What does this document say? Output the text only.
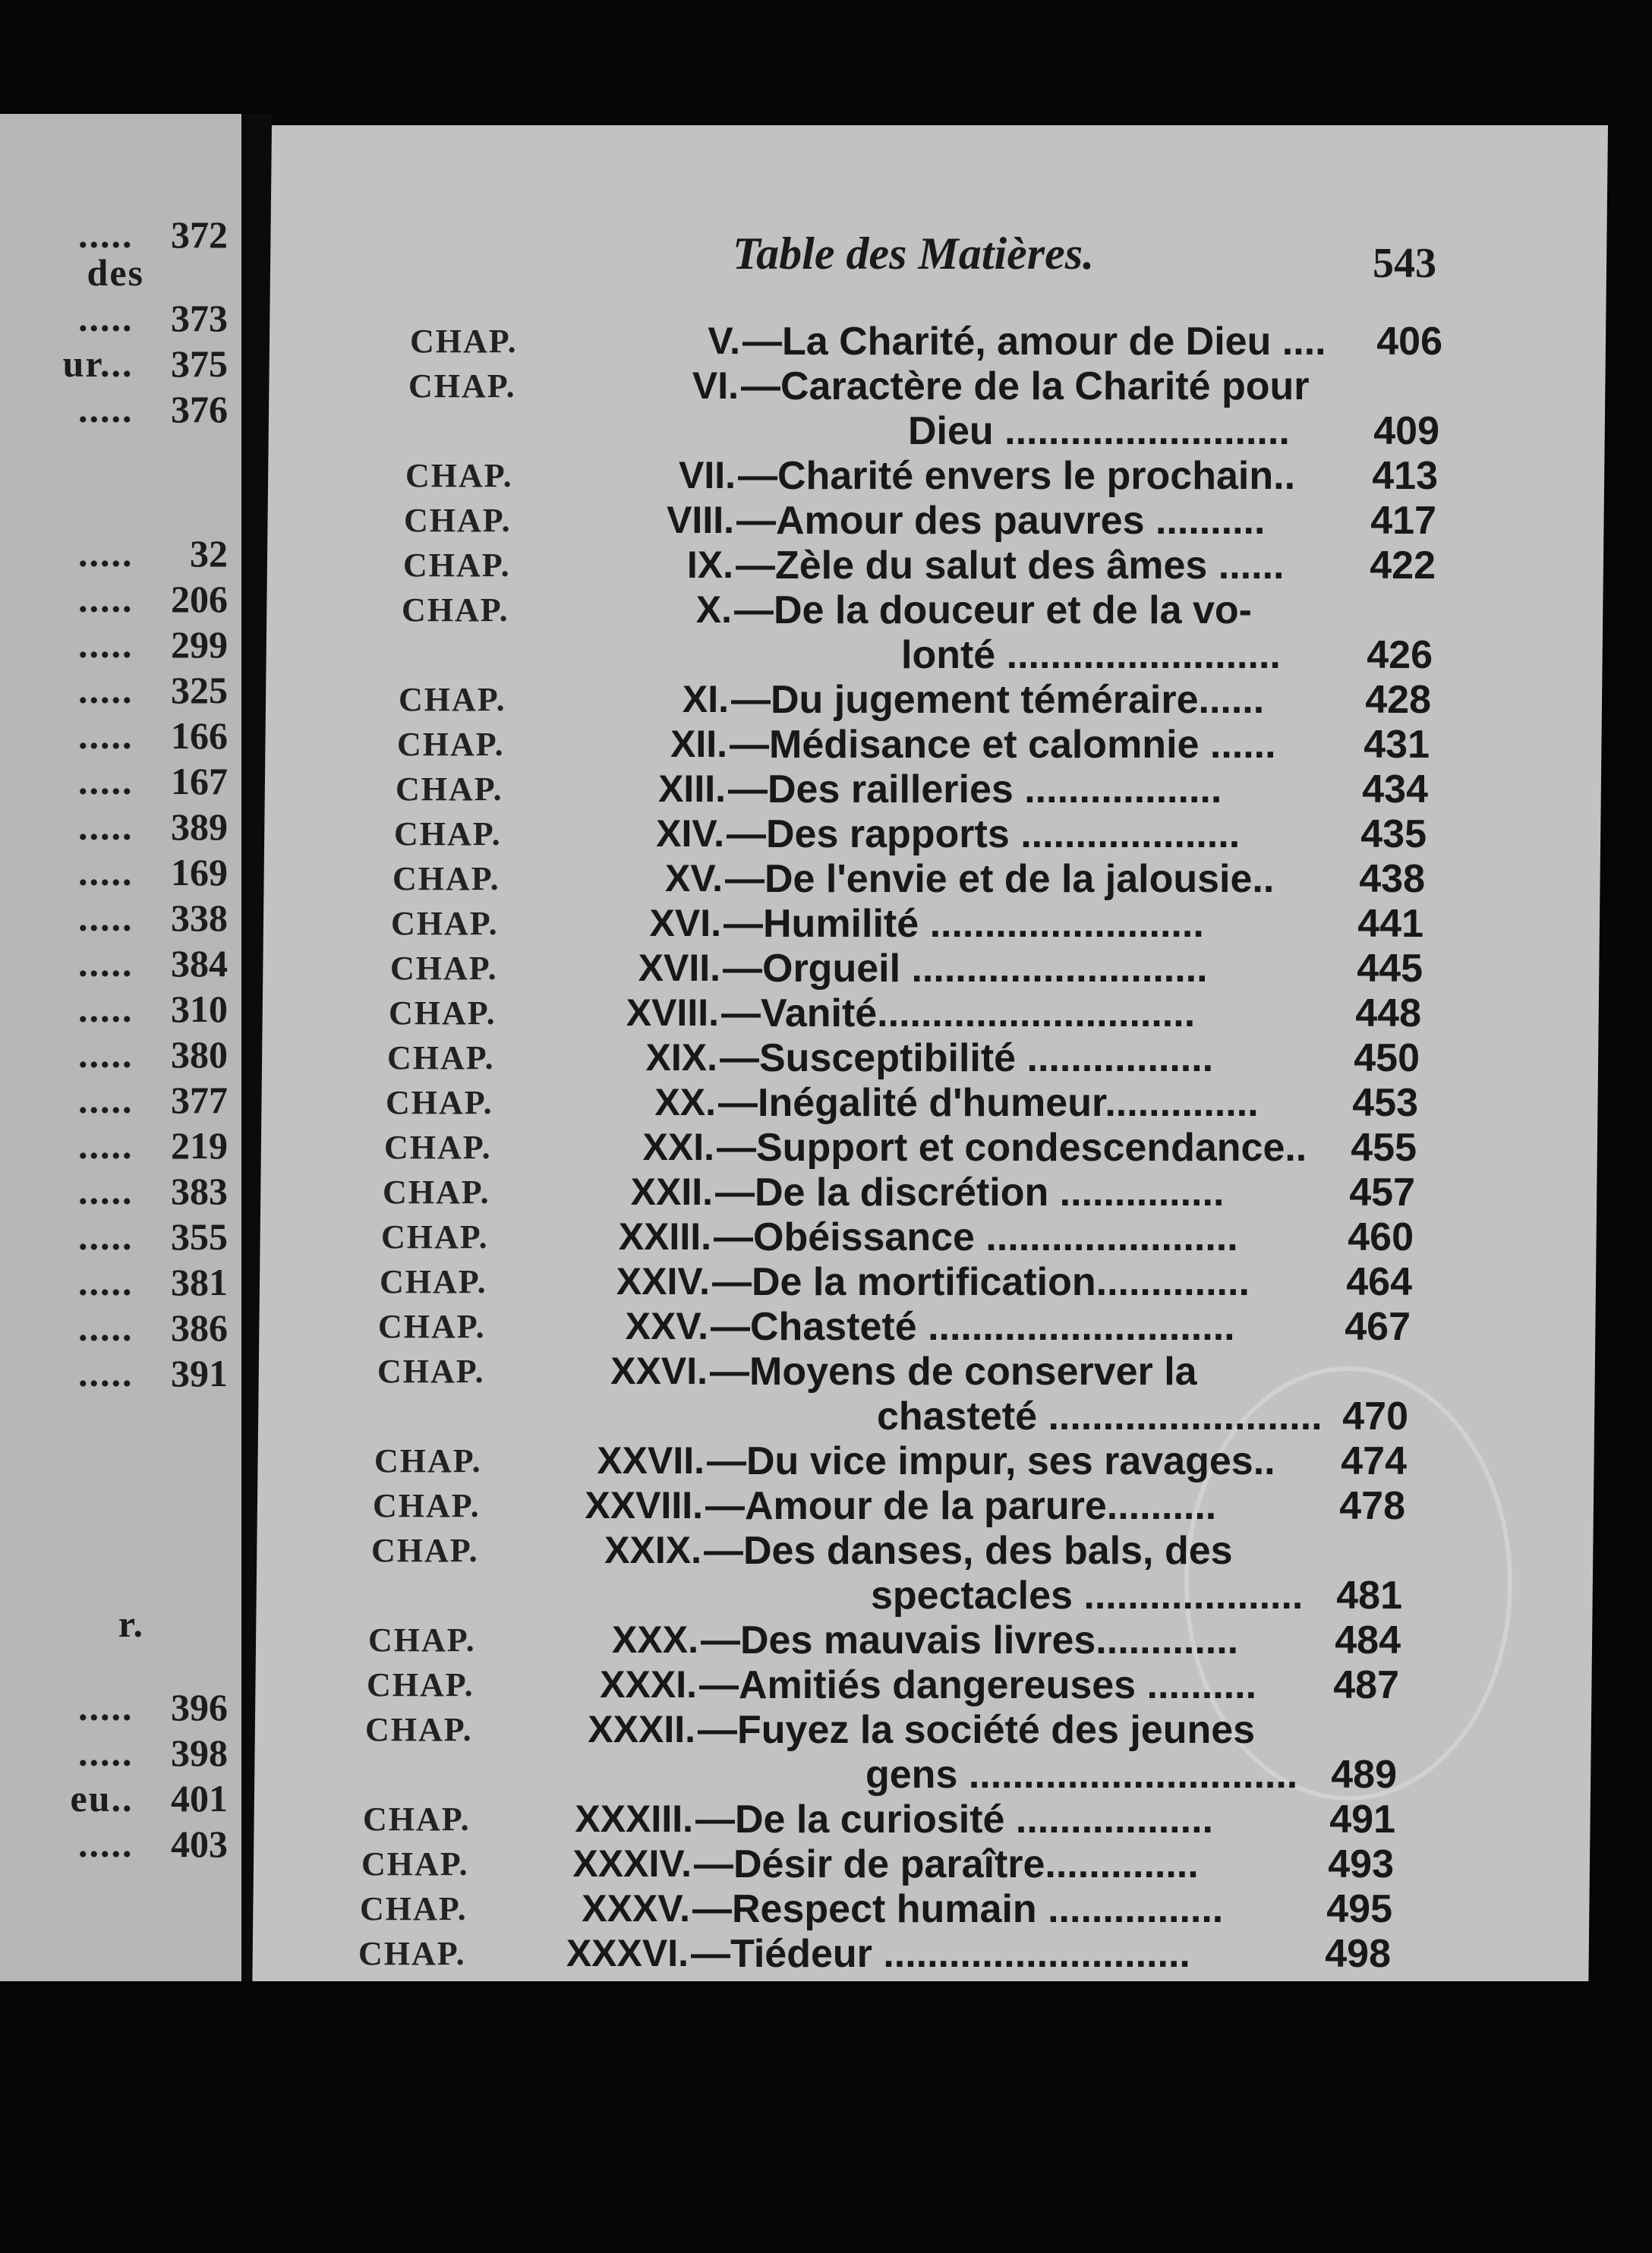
..... 372
des
..... 373
ur... 375
..... 376
..... 32
..... 206
..... 299
..... 325
..... 166
..... 167
..... 389
..... 169
..... 338
..... 384
..... 310
..... 380
..... 377
..... 219
..... 383
..... 355
..... 381
..... 386
..... 391
r.
..... 396
..... 398
eu.. 401
..... 403
Table des Matières.	543
CHAP.	V. —La Charité, amour de Dieu ....	406
CHAP.	VI. —Caractère de la Charité pour
Dieu ..........................	409
CHAP.	VII. —Charité envers le prochain..	413
CHAP.	VIII. —Amour des pauvres ..........	417
CHAP.	IX. —Zèle du salut des âmes ......	422
CHAP.	X. —De la douceur et de la vo-
lonté .........................	426
CHAP.	XI. —Du jugement téméraire......	428
CHAP.	XII. —Médisance et calomnie ......	431
CHAP.	XIII. —Des railleries ..................	434
CHAP.	XIV. —Des rapports ....................	435
CHAP.	XV. —De l'envie et de la jalousie..	438
CHAP.	XVI. —Humilité .........................	441
CHAP.	XVII. —Orgueil ...........................	445
CHAP.	XVIII. —Vanité.............................	448
CHAP.	XIX. —Susceptibilité .................	450
CHAP.	XX. —Inégalité d'humeur..............	453
CHAP.	XXI. —Support et condescendance..	455
CHAP.	XXII. —De la discrétion ...............	457
CHAP.	XXIII. —Obéissance .......................	460
CHAP.	XXIV. —De la mortification..............	464
CHAP.	XXV. —Chasteté ............................	467
CHAP.	XXVI. —Moyens de conserver la
chasteté ......................... 470
CHAP.	XXVII. —Du vice impur, ses ravages..	474
CHAP.	XXVIII. —Amour de la parure..........	478
CHAP.	XXIX. —Des danses, des bals, des
spectacles .................... 481
CHAP.	XXX. —Des mauvais livres.............	484
CHAP.	XXXI. —Amitiés dangereuses ..........	487
CHAP.	XXXII. —Fuyez la société des jeunes
gens .............................. 489
CHAP.	XXXIII. —De la curiosité ..................	491
CHAP.	XXXIV. —Désir de paraître..............	493
CHAP.	XXXV. —Respect humain ................	495
CHAP.	XXXVI. —Tiédeur ............................	498
